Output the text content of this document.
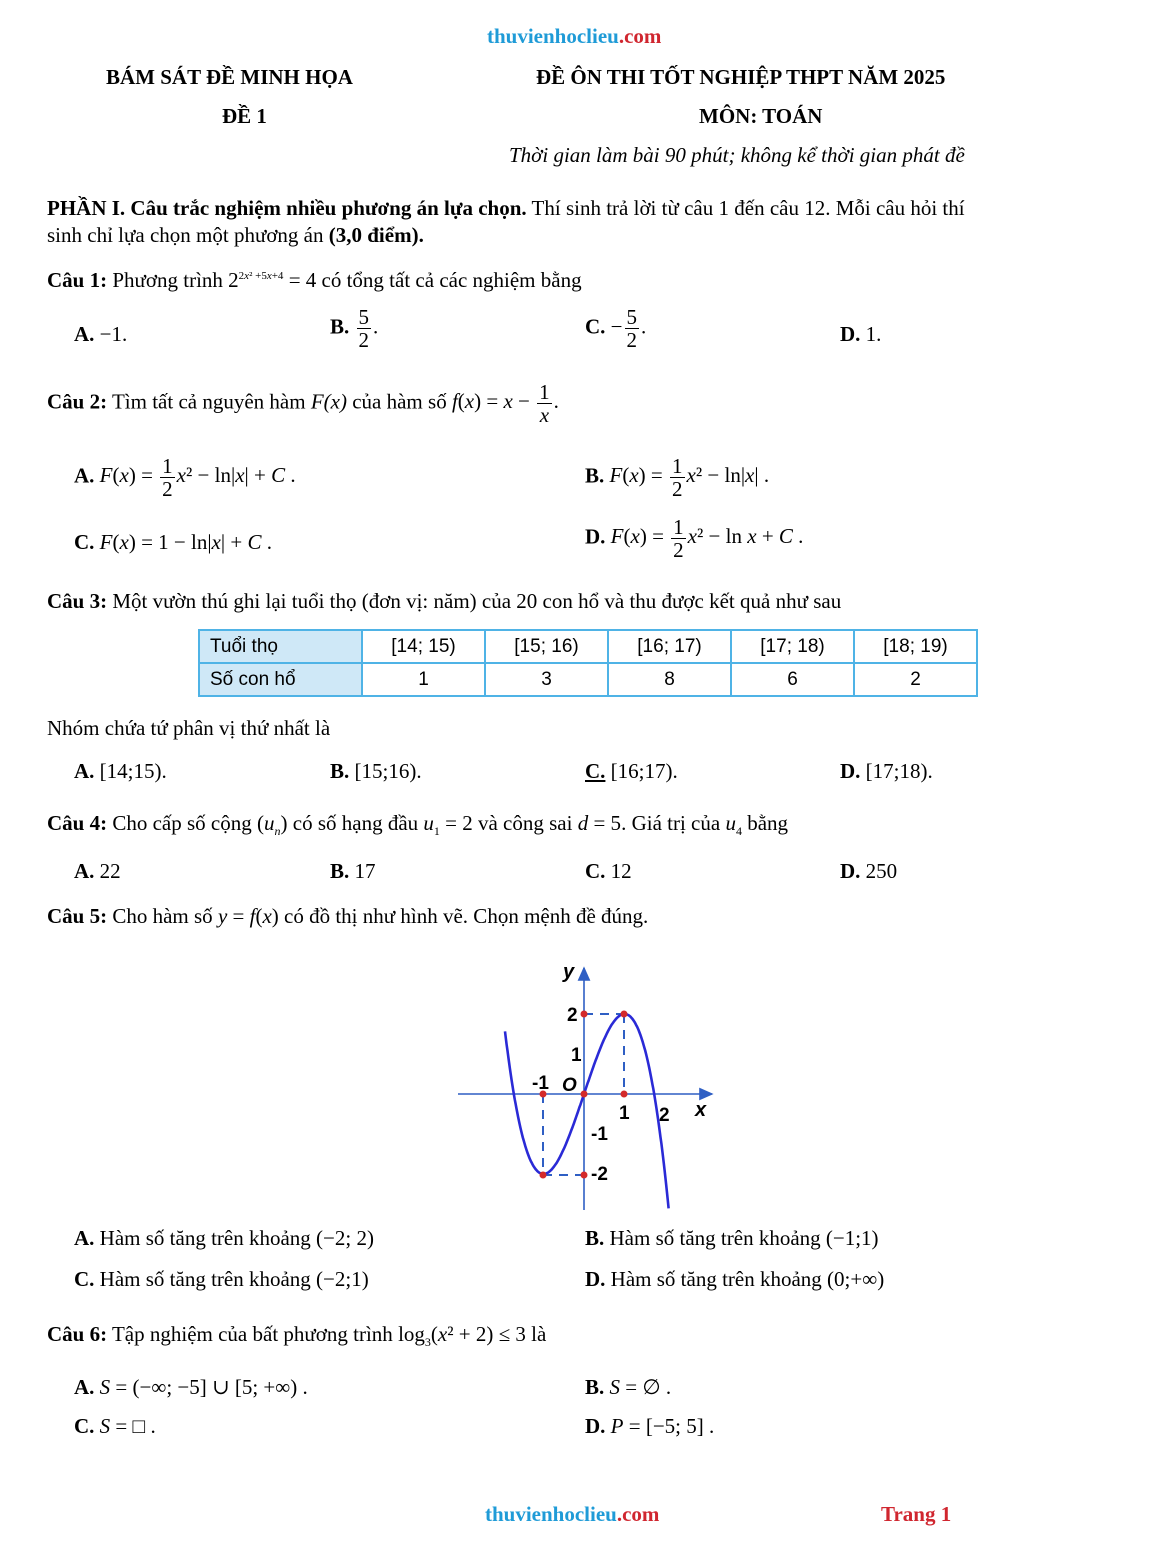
thuvienhoclieu.com
BÁM SÁT ĐỀ MINH HỌA
ĐỀ 1
ĐỀ ÔN THI TỐT NGHIỆP THPT NĂM 2025
MÔN: TOÁN
Thời gian làm bài 90 phút; không kể thời gian phát đề
PHẦN I. Câu trắc nghiệm nhiều phương án lựa chọn. Thí sinh trả lời từ câu 1 đến câu 12. Mỗi câu hỏi thí
sinh chỉ lựa chọn một phương án (3,0 điểm).
Câu 1: Phương trình $2^{2x^2 +5x+4} = 4$ có tổng tất cả các nghiệm bằng
A. −1.	B. $\frac{5}{2}$ .	C. − $\frac{5}{2}$ .	D. 1.
Câu 2: Tìm tất cả nguyên hàm F(x) của hàm số $f(x) = x - \frac{1}{x}$ .
A. $F(x) = \frac{1}{2} x^2 - \ln|x| + C$ .	B. $F(x) = \frac{1}{2} x^2 - \ln|x|$ .
C. F(x) = 1 − ln|x| + C .	D. $F(x) = \frac{1}{2} x^2 - \ln x + C$ .
Câu 3: Một vườn thú ghi lại tuổi thọ (đơn vị: năm) của 20 con hổ và thu được kết quả như sau
Tuổi thọ	[14; 15)	[15; 16)	[16; 17)	[17; 18)	[18; 19)
Số con hổ	1	3	8	6	2
Nhóm chứa tứ phân vị thứ nhất là
A. [14;15).	B. [15;16).	C. [16;17).	D. [17;18).
Câu 4: Cho cấp số cộng $(u_n)$ có số hạng đầu $u_1 = 2$ và công sai d = 5. Giá trị của $u_4$ bằng
A. 22	B. 17	C. 12	D. 250
Câu 5: Cho hàm số y = f(x) có đồ thị như hình vẽ. Chọn mệnh đề đúng.
y
x
O
2
1
-1
-2
-1
1 2
A. Hàm số tăng trên khoảng (−2; 2)	B. Hàm số tăng trên khoảng (−1;1)
C. Hàm số tăng trên khoảng (−2;1)	D. Hàm số tăng trên khoảng (0;+∞)
Câu 6: Tập nghiệm của bất phương trình $\log_3(x^2 + 2) \le 3$ là
A. S = (−∞; −5] ∪ [5; +∞) .	B. S = ∅ .
C. S = □ .	D. P = [−5; 5] .
thuvienhoclieu.com	Trang 1
